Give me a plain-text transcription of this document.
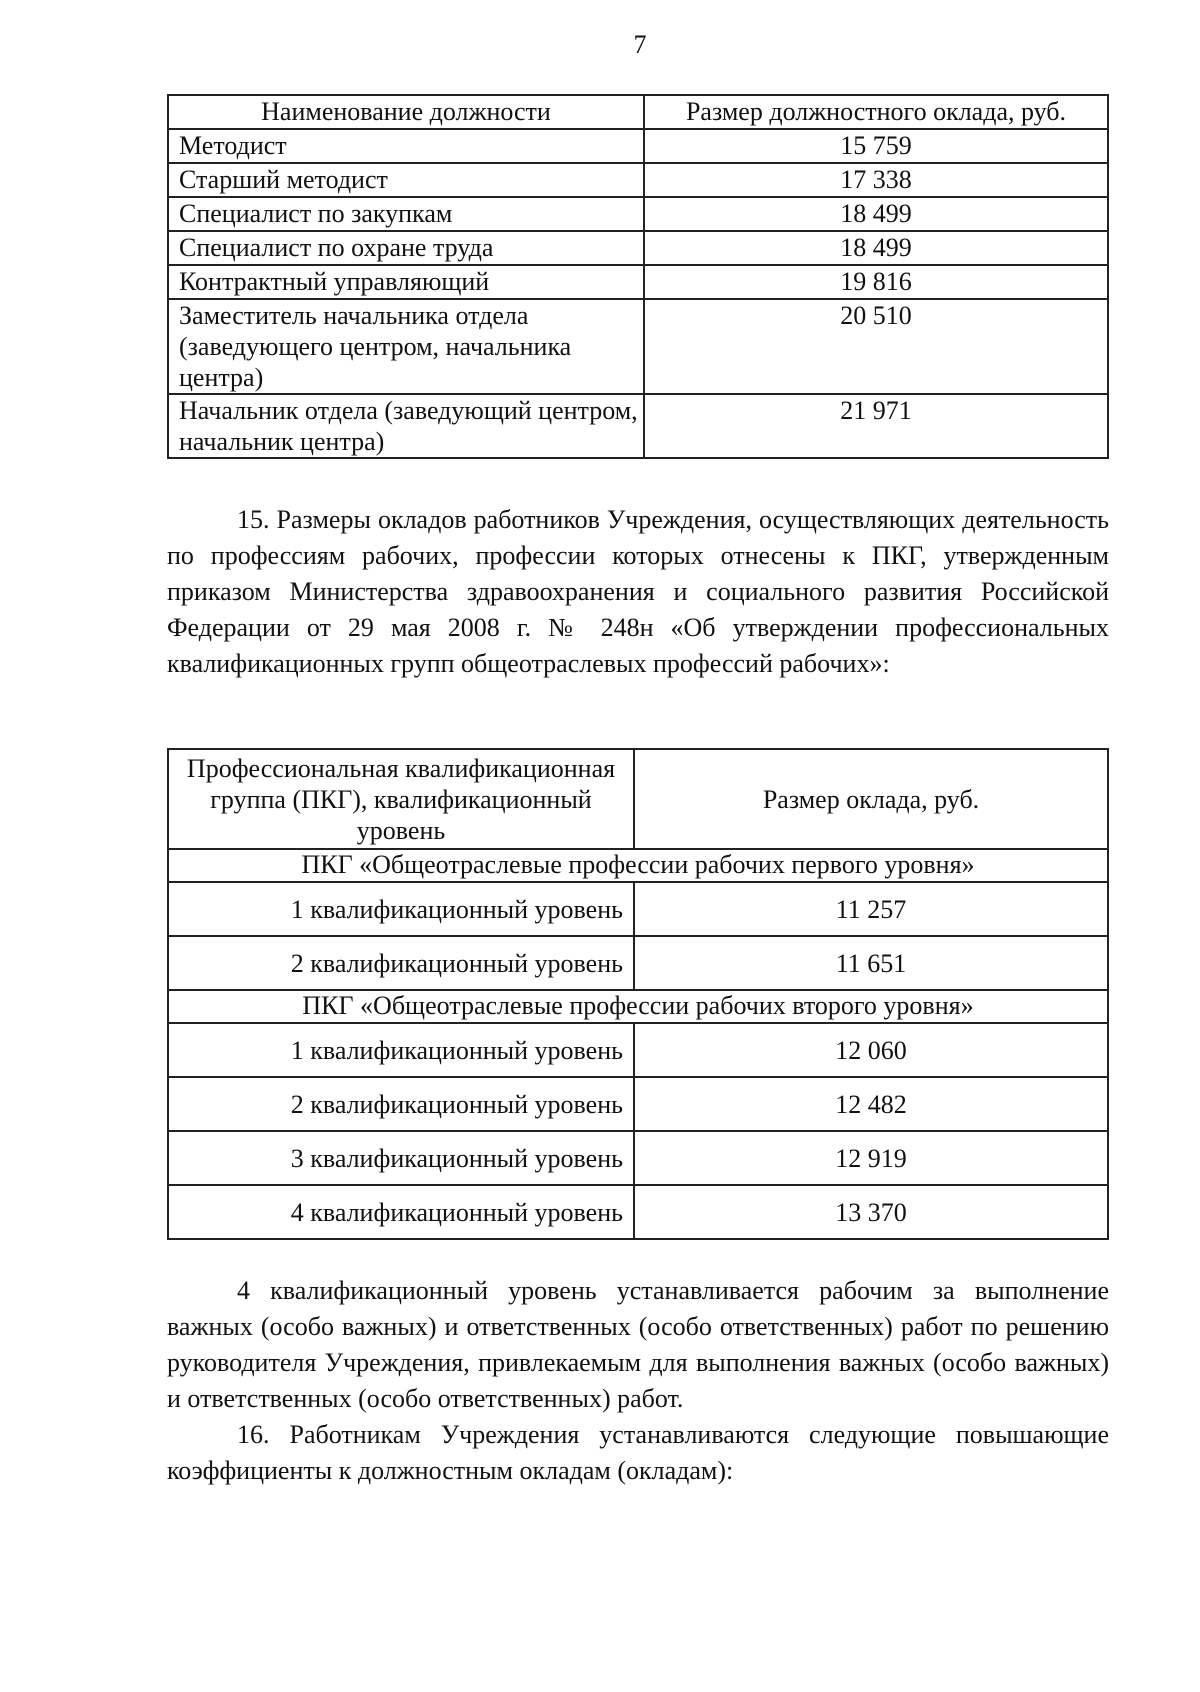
7
Наименование должности	Размер должностного оклада, руб.
Методист	15 759
Старший методист	17 338
Специалист по закупкам	18 499
Специалист по охране труда	18 499
Контрактный управляющий	19 816
Заместитель начальника отдела (заведующего центром, начальника центра)	20 510
Начальник отдела (заведующий центром, начальник центра)	21 971

15. Размеры окладов работников Учреждения, осуществляющих деятельность по профессиям рабочих, профессии которых отнесены к ПКГ, утвержденным приказом Министерства здравоохранения и социального развития Российской Федерации от 29 мая 2008 г. № 248н «Об утверждении профессиональных квалификационных групп общеотраслевых профессий рабочих»:

Профессиональная квалификационная группа (ПКГ), квалификационный уровень	Размер оклада, руб.
ПКГ «Общеотраслевые профессии рабочих первого уровня»	
1 квалификационный уровень	11 257
2 квалификационный уровень	11 651
ПКГ «Общеотраслевые профессии рабочих второго уровня»	
1 квалификационный уровень	12 060
2 квалификационный уровень	12 482
3 квалификационный уровень	12 919
4 квалификационный уровень	13 370

4 квалификационный уровень устанавливается рабочим за выполнение важных (особо важных) и ответственных (особо ответственных) работ по решению руководителя Учреждения, привлекаемым для выполнения важных (особо важных) и ответственных (особо ответственных) работ.

16. Работникам Учреждения устанавливаются следующие повышающие коэффициенты к должностным окладам (окладам):
